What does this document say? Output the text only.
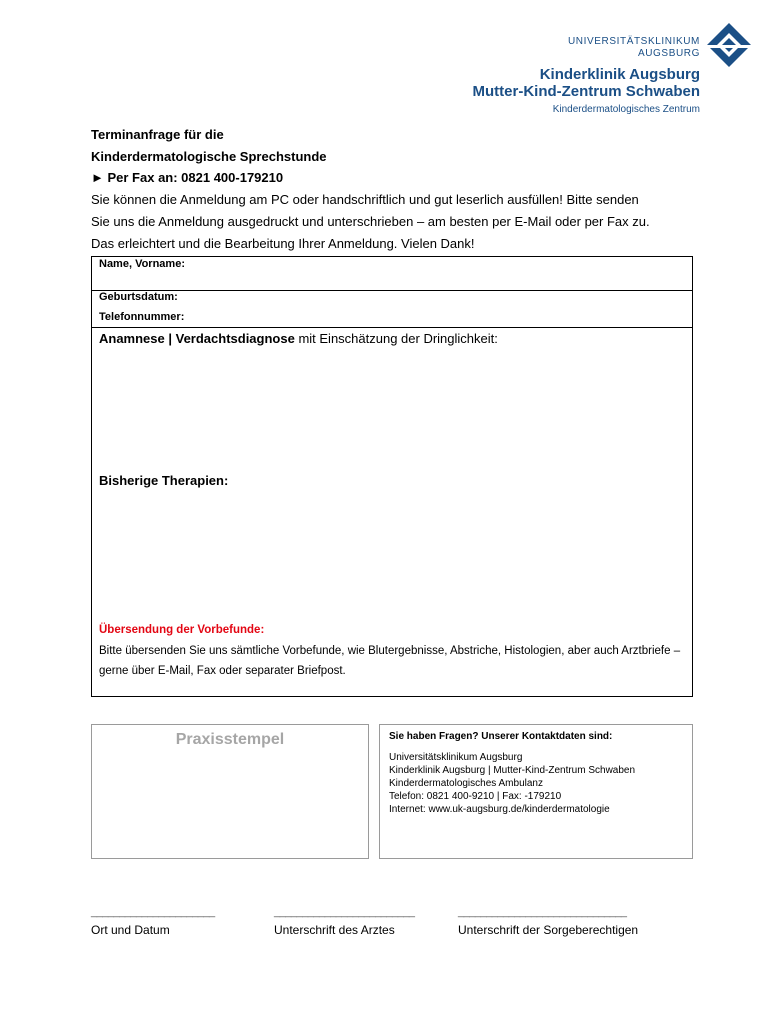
UNIVERSITÄTSKLINIKUM
AUGSBURG
Kinderklinik Augsburg
Mutter-Kind-Zentrum Schwaben
Kinderdermatologisches Zentrum
Terminanfrage für die
Kinderdermatologische Sprechstunde
► Per Fax an: 0821 400-179210
Sie können die Anmeldung am PC oder handschriftlich und gut leserlich ausfüllen! Bitte senden Sie uns die Anmeldung ausgedruckt und unterschrieben – am besten per E-Mail oder per Fax zu. Das erleichtert und die Bearbeitung Ihrer Anmeldung. Vielen Dank!
Name, Vorname:
Geburtsdatum:
Telefonnummer:
Anamnese | Verdachtsdiagnose mit Einschätzung der Dringlichkeit:
Bisherige Therapien:
Übersendung der Vorbefunde:
Bitte übersenden Sie uns sämtliche Vorbefunde, wie Blutergebnisse, Abstriche, Histologien, aber auch Arztbriefe – gerne über E-Mail, Fax oder separater Briefpost.
Praxisstempel	Sie haben Fragen? Unserer Kontaktdaten sind:
Universitätsklinikum Augsburg
Kinderklinik Augsburg | Mutter-Kind-Zentrum Schwaben
Kinderdermatologisches Ambulanz
Telefon: 0821 400-9210 | Fax: -179210
Internet: www.uk-augsburg.de/kinderdermatologie
______________________	_________________________	______________________________
Ort und Datum	Unterschrift des Arztes	Unterschrift der Sorgeberechtigen
